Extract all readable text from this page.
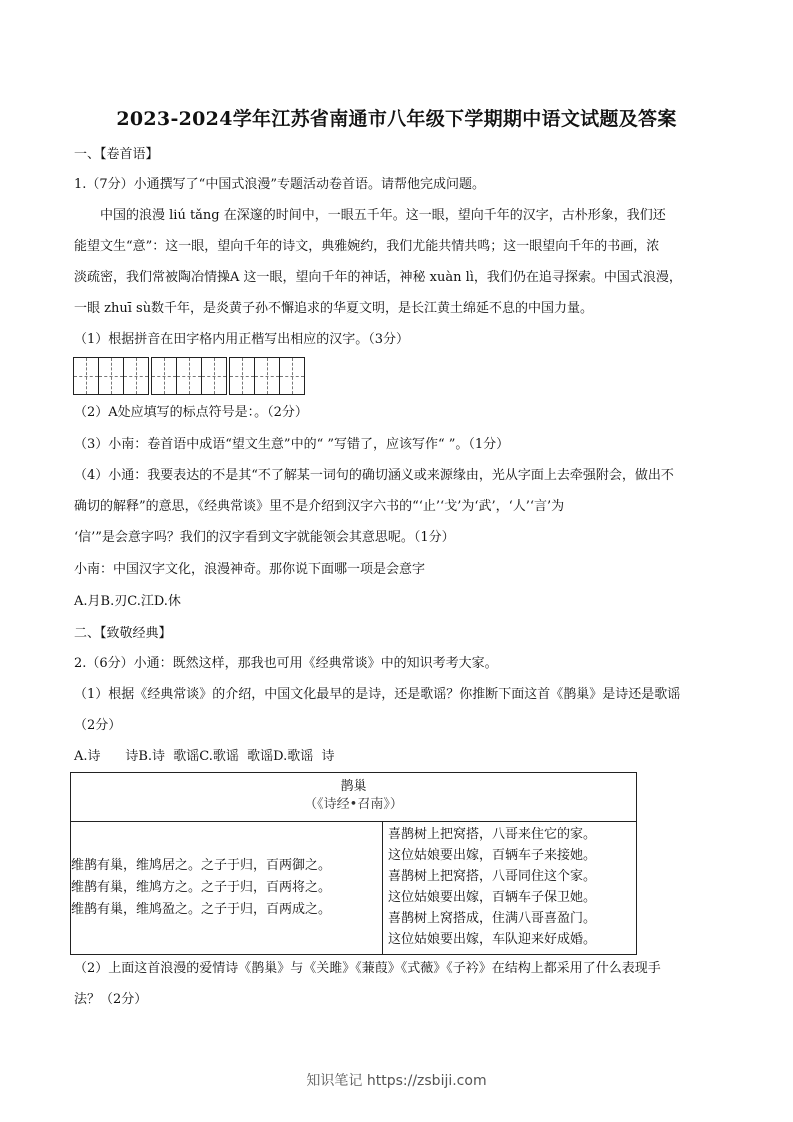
2023-2024学年江苏省南通市八年级下学期期中语文试题及答案
一、【卷首语】
1.（7分）小通撰写了“中国式浪漫”专题活动卷首语。请帮他完成问题。
中国的浪漫 liú tǎng 在深邃的时间中，一眼五千年。这一眼，望向千年的汉字，古朴形象，我们还
能望文生“意”：这一眼，望向千年的诗文，典雅婉约，我们尤能共情共鸣；这一眼望向千年的书画，浓
淡疏密，我们常被陶冶情操A 这一眼，望向千年的神话，神秘 xuàn lì，我们仍在追寻探索。中国式浪漫，
一眼 zhuī sù数千年，是炎黄子孙不懈追求的华夏文明，是长江黄土绵延不息的中国力量。
（1）根据拼音在田字格内用正楷写出相应的汉字。（3分）
（2）A处应填写的标点符号是：。（2分）
（3）小南：卷首语中成语“望文生意”中的“ ”写错了，应该写作“ ”。（1分）
（4）小通：我要表达的不是其“不了解某一词句的确切涵义或来源缘由，光从字面上去牵强附会，做出不
确切的解释”的意思，《经典常谈》里不是介绍到汉字六书的“‘止’‘戈’为‘武’，‘人’‘言’为
‘信’”是会意字吗？我们的汉字看到文字就能领会其意思呢。（1分）
小南：中国汉字文化，浪漫神奇。那你说下面哪一项是会意字
A.月B.刃C.江D.休
二、【致敬经典】
2.（6分）小通：既然这样，那我也可用《经典常谈》中的知识考考大家。
（1）根据《经典常谈》的介绍，中国文化最早的是诗，还是歌谣？你推断下面这首《鹊巢》是诗还是歌谣
（2分）
A.诗      诗B.诗  歌谣C.歌谣  歌谣D.歌谣  诗
鹊巢
（《诗经•召南》）
维鹊有巢，维鸠居之。之子于归，百两御之。
维鹊有巢，维鸠方之。之子于归，百两将之。
维鹊有巢，维鸠盈之。之子于归，百两成之。
喜鹊树上把窝搭，八哥来住它的家。
这位姑娘要出嫁，百辆车子来接她。
喜鹊树上把窝搭，八哥同住这个家。
这位姑娘要出嫁，百辆车子保卫她。
喜鹊树上窝搭成，住满八哥喜盈门。
这位姑娘要出嫁，车队迎来好成婚。
（2）上面这首浪漫的爱情诗《鹊巢》与《关雎》《蒹葭》《式薇》《子衿》在结构上都采用了什么表现手
法？（2分）
知识笔记 https://zsbiji.com
